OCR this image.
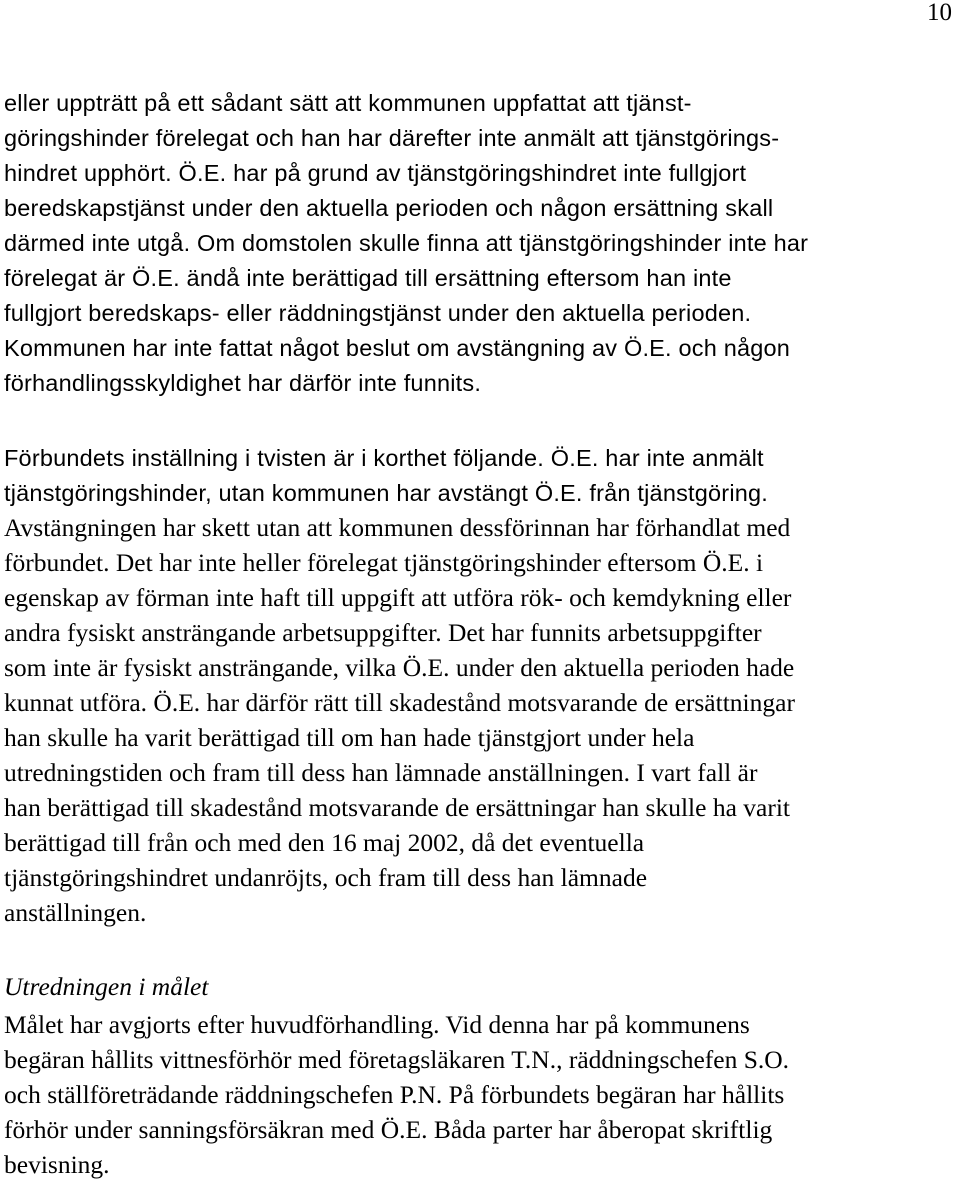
10

eller uppträtt på ett sådant sätt att kommunen uppfattat att tjänst-

göringshinder förelegat och han har därefter inte anmält att tjänstgörings-

hindret upphört. Ö.E. har på grund av tjänstgöringshindret inte fullgjort

beredskapstjänst under den aktuella perioden och någon ersättning skall

därmed inte utgå. Om domstolen skulle finna att tjänstgöringshinder inte har

förelegat är Ö.E. ändå inte berättigad till ersättning eftersom han inte

fullgjort beredskaps- eller räddningstjänst under den aktuella perioden.

Kommunen har inte fattat något beslut om avstängning av Ö.E. och någon

förhandlingsskyldighet har därför inte funnits.

Förbundets inställning i tvisten är i korthet följande. Ö.E. har inte anmält

tjänstgöringshinder, utan kommunen har avstängt Ö.E. från tjänstgöring.

Avstängningen har skett utan att kommunen dessförinnan har förhandlat med

förbundet. Det har inte heller förelegat tjänstgöringshinder eftersom Ö.E. i

egenskap av förman inte haft till uppgift att utföra rök- och kemdykning eller

andra fysiskt ansträngande arbetsuppgifter. Det har funnits arbetsuppgifter

som inte är fysiskt ansträngande, vilka Ö.E. under den aktuella perioden hade

kunnat utföra. Ö.E. har därför rätt till skadestånd motsvarande de ersättningar

han skulle ha varit berättigad till om han hade tjänstgjort under hela

utredningstiden och fram till dess han lämnade anställningen. I vart fall är

han berättigad till skadestånd motsvarande de ersättningar han skulle ha varit

berättigad till från och med den 16 maj 2002, då det eventuella

tjänstgöringshindret undanröjts, och fram till dess han lämnade

anställningen.

Utredningen i målet

Målet har avgjorts efter huvudförhandling. Vid denna har på kommunens

begäran hållits vittnesförhör med företagsläkaren T.N., räddningschefen S.O.

och ställföreträdande räddningschefen P.N. På förbundets begäran har hållits

förhör under sanningsförsäkran med Ö.E. Båda parter har åberopat skriftlig

bevisning.
